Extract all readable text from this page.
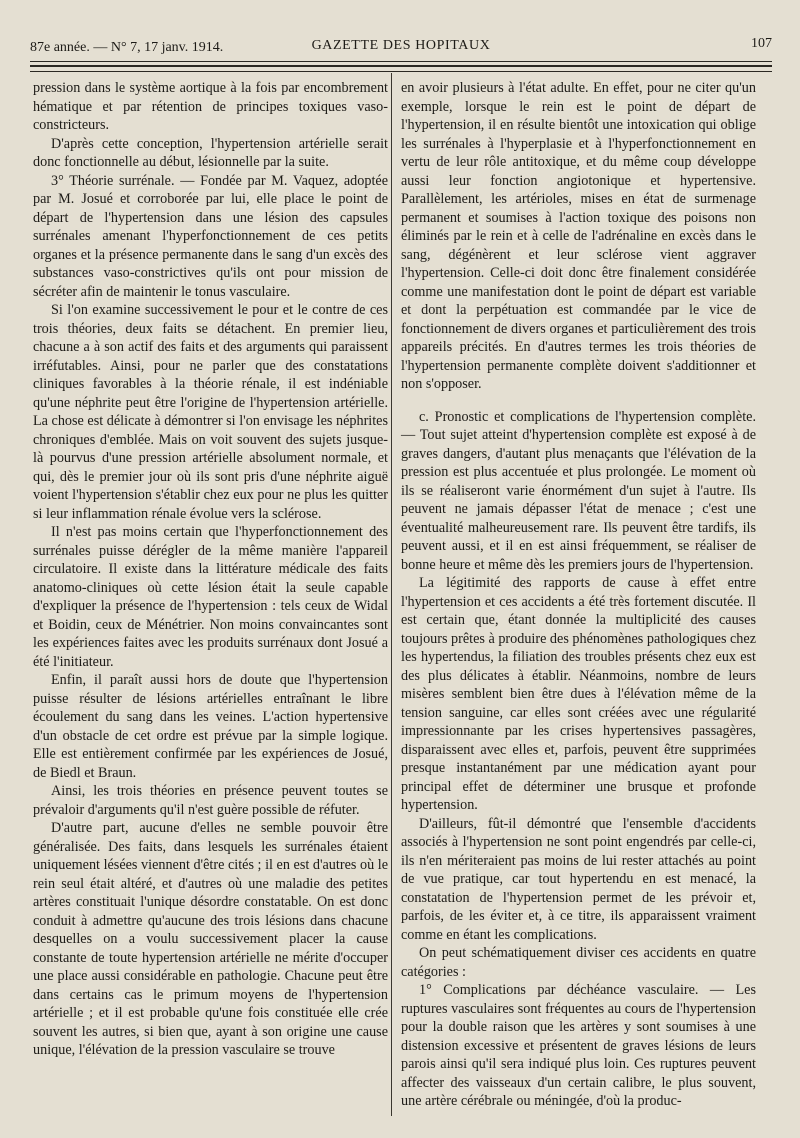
87e année. — N° 7, 17 janv. 1914.	GAZETTE DES HOPITAUX	107

pression dans le système aortique à la fois par encombrement hématique et par rétention de principes toxiques vaso-constricteurs.

D'après cette conception, l'hypertension artérielle serait donc fonctionnelle au début, lésionnelle par la suite.

3° Théorie surrénale. — Fondée par M. Vaquez, adoptée par M. Josué et corroborée par lui, elle place le point de départ de l'hypertension dans une lésion des capsules surrénales amenant l'hyperfonctionnement de ces petits organes et la présence permanente dans le sang d'un excès des substances vaso-constrictives qu'ils ont pour mission de sécréter afin de maintenir le tonus vasculaire.

Si l'on examine successivement le pour et le contre de ces trois théories, deux faits se détachent. En premier lieu, chacune a à son actif des faits et des arguments qui paraissent irréfutables. Ainsi, pour ne parler que des constatations cliniques favorables à la théorie rénale, il est indéniable qu'une néphrite peut être l'origine de l'hypertension artérielle. La chose est délicate à démontrer si l'on envisage les néphrites chroniques d'emblée. Mais on voit souvent des sujets jusque-là pourvus d'une pression artérielle absolument normale, et qui, dès le premier jour où ils sont pris d'une néphrite aiguë voient l'hypertension s'établir chez eux pour ne plus les quitter si leur inflammation rénale évolue vers la sclérose.

Il n'est pas moins certain que l'hyperfonctionnement des surrénales puisse dérégler de la même manière l'appareil circulatoire. Il existe dans la littérature médicale des faits anatomo-cliniques où cette lésion était la seule capable d'expliquer la présence de l'hypertension : tels ceux de Widal et Boidin, ceux de Ménétrier. Non moins convaincantes sont les expériences faites avec les produits surrénaux dont Josué a été l'initiateur.

Enfin, il paraît aussi hors de doute que l'hypertension puisse résulter de lésions artérielles entraînant le libre écoulement du sang dans les veines. L'action hypertensive d'un obstacle de cet ordre est prévue par la simple logique. Elle est entièrement confirmée par les expériences de Josué, de Biedl et Braun.

Ainsi, les trois théories en présence peuvent toutes se prévaloir d'arguments qu'il n'est guère possible de réfuter.

D'autre part, aucune d'elles ne semble pouvoir être généralisée. Des faits, dans lesquels les surrénales étaient uniquement lésées viennent d'être cités ; il en est d'autres où le rein seul était altéré, et d'autres où une maladie des petites artères constituait l'unique désordre constatable. On est donc conduit à admettre qu'aucune des trois lésions dans chacune desquelles on a voulu successivement placer la cause constante de toute hypertension artérielle ne mérite d'occuper une place aussi considérable en pathologie. Chacune peut être dans certains cas le primum moyens de l'hypertension artérielle ; et il est probable qu'une fois constituée elle crée souvent les autres, si bien que, ayant à son origine une cause unique, l'élévation de la pression vasculaire se trouve

en avoir plusieurs à l'état adulte. En effet, pour ne citer qu'un exemple, lorsque le rein est le point de départ de l'hypertension, il en résulte bientôt une intoxication qui oblige les surrénales à l'hyperplasie et à l'hyperfonctionnement en vertu de leur rôle antitoxique, et du même coup développe aussi leur fonction angiotonique et hypertensive. Parallèlement, les artérioles, mises en état de surmenage permanent et soumises à l'action toxique des poisons non éliminés par le rein et à celle de l'adrénaline en excès dans le sang, dégénèrent et leur sclérose vient aggraver l'hypertension. Celle-ci doit donc être finalement considérée comme une manifestation dont le point de départ est variable et dont la perpétuation est commandée par le vice de fonctionnement de divers organes et particulièrement des trois appareils précités. En d'autres termes les trois théories de l'hypertension permanente complète doivent s'additionner et non s'opposer.

c. Pronostic et complications de l'hypertension complète. — Tout sujet atteint d'hypertension complète est exposé à de graves dangers, d'autant plus menaçants que l'élévation de la pression est plus accentuée et plus prolongée. Le moment où ils se réaliseront varie énormément d'un sujet à l'autre. Ils peuvent ne jamais dépasser l'état de menace ; c'est une éventualité malheureusement rare. Ils peuvent être tardifs, ils peuvent aussi, et il en est ainsi fréquemment, se réaliser de bonne heure et même dès les premiers jours de l'hypertension.

La légitimité des rapports de cause à effet entre l'hypertension et ces accidents a été très fortement discutée. Il est certain que, étant donnée la multiplicité des causes toujours prêtes à produire des phénomènes pathologiques chez les hypertendus, la filiation des troubles présents chez eux est des plus délicates à établir. Néanmoins, nombre de leurs misères semblent bien être dues à l'élévation même de la tension sanguine, car elles sont créées avec une régularité impressionnante par les crises hypertensives passagères, disparaissent avec elles et, parfois, peuvent être supprimées presque instantanément par une médication ayant pour principal effet de déterminer une brusque et profonde hypertension.

D'ailleurs, fût-il démontré que l'ensemble d'accidents associés à l'hypertension ne sont point engendrés par celle-ci, ils n'en mériteraient pas moins de lui rester attachés au point de vue pratique, car tout hypertendu en est menacé, la constatation de l'hypertension permet de les prévoir et, parfois, de les éviter et, à ce titre, ils apparaissent vraiment comme en étant les complications.

On peut schématiquement diviser ces accidents en quatre catégories :

1° Complications par déchéance vasculaire. — Les ruptures vasculaires sont fréquentes au cours de l'hypertension pour la double raison que les artères y sont soumises à une distension excessive et présentent de graves lésions de leurs parois ainsi qu'il sera indiqué plus loin. Ces ruptures peuvent affecter des vaisseaux d'un certain calibre, le plus souvent, une artère cérébrale ou méningée, d'où la produc-
